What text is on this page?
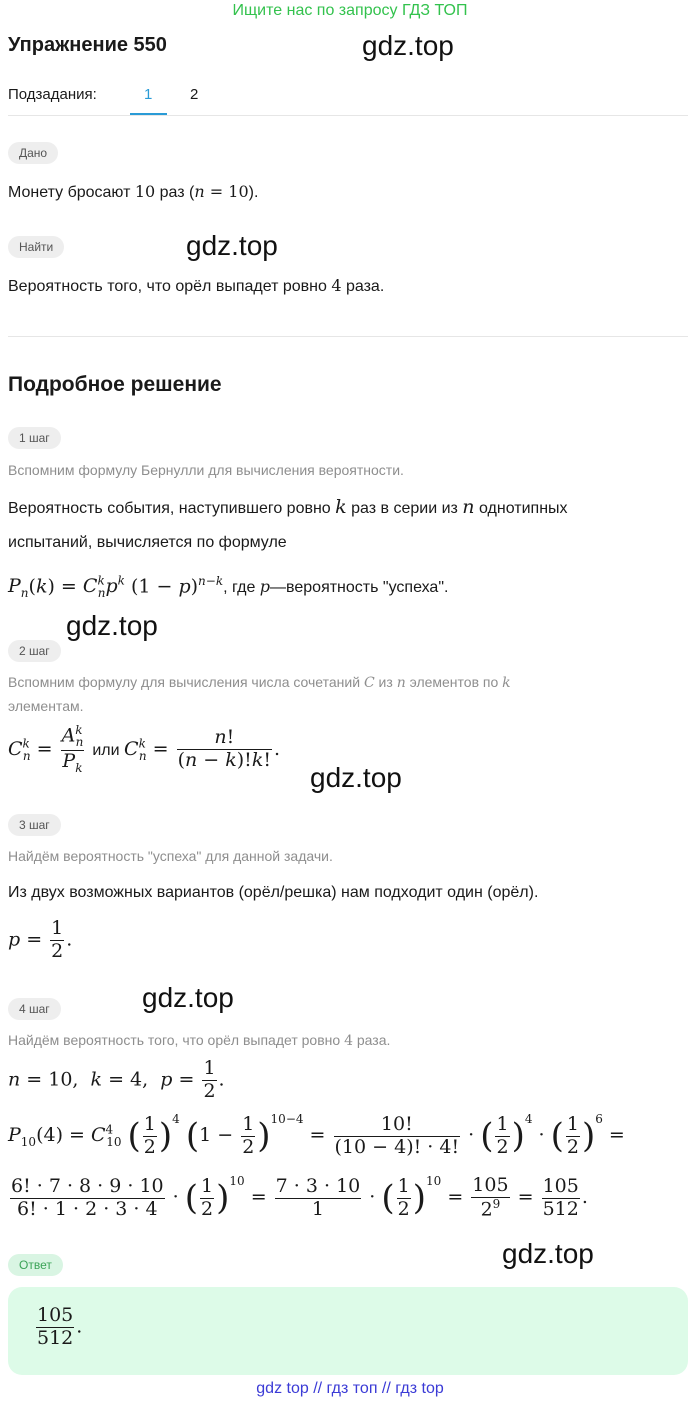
Ищите нас по запросу ГДЗ ТОП
Упражнение 550	gdz.top
gdz.top
gdz.top
gdz.top
gdz.top
gdz.top
Подзадания:	1	2
Дано
Монету бросают 10 раз (n = 10).
Найти
Вероятность того, что орёл выпадет ровно 4 раза.
Подробное решение
1 шаг
Вспомним формулу Бернулли для вычисления вероятности.
Вероятность события, наступившего ровно k раз в серии из n однотипных
испытаний, вычисляется по формуле
$P_n(k) = C^k_np^k$ $(1 - p)^{n-k}$, где p—вероятность "успеха".
2 шаг
Вспомним формулу для вычисления числа сочетаний C из n элементов по k
элементам.
$C^k_n = \frac{A^k_n}{P_k}$ или $C^k_n = \frac{n!}{(n - k)!k!}$ .
3 шаг
Найдём вероятность "успеха" для данной задачи.
Из двух возможных вариантов (орёл/решка) нам подходит один (орёл).
$p = \frac{1}{2}$ .
4 шаг
Найдём вероятность того, что орёл выпадет ровно 4 раза.
n = 10,  k = 4,  $p = \frac{1}{2}$ .
$P_{10}(4) = C^4_{10}$ ( $\frac{1}{2} )^4$ $(1 - \frac{1}{2} )^{10-4} = \frac{10!}{(10 - 4)! \cdot 4!}$ · ( $\frac{1}{2} )^4$ · ( $\frac{1}{2} )^6$ =
$\frac{6! \cdot 7 \cdot 8 \cdot 9 \cdot 10}{6! \cdot 1 \cdot 2 \cdot 3 \cdot 4}$ · ( $\frac{1}{2} )^{10} = \frac{7 \cdot 3 \cdot 10}{1}$ · ( $\frac{1}{2} )^{10} = \frac{105}{2^9} = \frac{105}{512}$ .
Ответ
$\frac{105}{512}$ .
gdz top // гдз топ // гдз top
